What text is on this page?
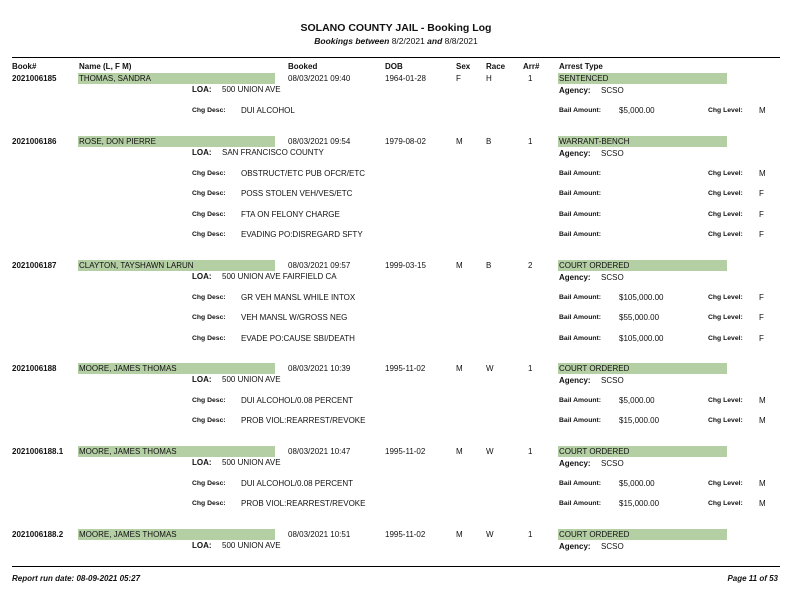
SOLANO COUNTY JAIL - Booking Log
Bookings between 8/2/2021 and 8/8/2021
Book#	Name (L, F M)	Booked	DOB	Sex Race Arr# Arrest Type
2021006185	THOMAS, SANDRA	08/03/2021 09:40	1964-01-28	F	H	1	SENTENCED
LOA: 500 UNION AVE	Agency: SCSO
Chg Desc: DUI ALCOHOL	Bail Amount: $5,000.00	Chg Level: M
2021006186	ROSE, DON PIERRE	08/03/2021 09:54	1979-08-02	M	B	1	WARRANT-BENCH
LOA: SAN FRANCISCO COUNTY	Agency: SCSO
Chg Desc: OBSTRUCT/ETC PUB OFCR/ETC	Bail Amount:	Chg Level: M
Chg Desc: POSS STOLEN VEH/VES/ETC	Bail Amount:	Chg Level: F
Chg Desc: FTA ON FELONY CHARGE	Bail Amount:	Chg Level: F
Chg Desc: EVADING PO:DISREGARD SFTY	Bail Amount:	Chg Level: F
2021006187	CLAYTON, TAYSHAWN LARUN	08/03/2021 09:57	1999-03-15	M	B	2	COURT ORDERED
LOA: 500 UNION AVE FAIRFIELD CA	Agency: SCSO
Chg Desc: GR VEH MANSL WHILE INTOX	Bail Amount: $105,000.00	Chg Level: F
Chg Desc: VEH MANSL W/GROSS NEG	Bail Amount: $55,000.00	Chg Level: F
Chg Desc: EVADE PO:CAUSE SBI/DEATH	Bail Amount: $105,000.00	Chg Level: F
2021006188	MOORE, JAMES THOMAS	08/03/2021 10:39	1995-11-02	M	W	1	COURT ORDERED
LOA: 500 UNION AVE	Agency: SCSO
Chg Desc: DUI ALCOHOL/0.08 PERCENT	Bail Amount: $5,000.00	Chg Level: M
Chg Desc: PROB VIOL:REARREST/REVOKE	Bail Amount: $15,000.00	Chg Level: M
2021006188.1 MOORE, JAMES THOMAS	08/03/2021 10:47	1995-11-02	M	W	1	COURT ORDERED
LOA: 500 UNION AVE	Agency: SCSO
Chg Desc: DUI ALCOHOL/0.08 PERCENT	Bail Amount: $5,000.00	Chg Level: M
Chg Desc: PROB VIOL:REARREST/REVOKE	Bail Amount: $15,000.00	Chg Level: M
2021006188.2 MOORE, JAMES THOMAS	08/03/2021 10:51	1995-11-02	M	W	1	COURT ORDERED
LOA: 500 UNION AVE	Agency: SCSO
Report run date: 08-09-2021 05:27	Page 11 of 53
